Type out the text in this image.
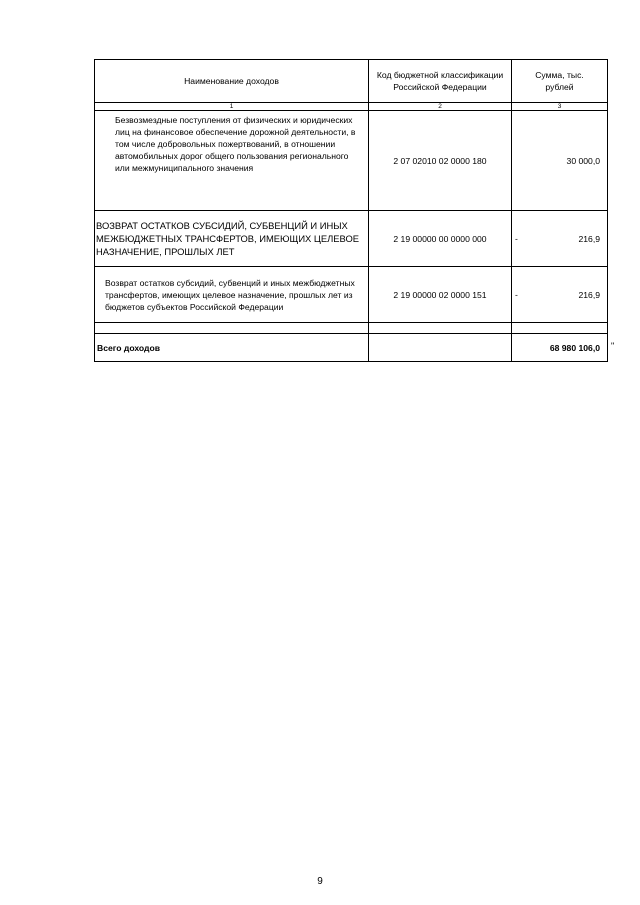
Наименование доходов	Код бюджетной классификации Российской Федерации	Сумма, тыс. рублей
1	2	3
Безвозмездные поступления от физических и юридических лиц на финансовое обеспечение дорожной деятельности, в том числе добровольных пожертвований, в отношении автомобильных дорог общего пользования регионального или межмуниципального значения	2 07 02010 02 0000 180	30 000,0
ВОЗВРАТ ОСТАТКОВ СУБСИДИЙ, СУБВЕНЦИЙ И ИНЫХ МЕЖБЮДЖЕТНЫХ ТРАНСФЕРТОВ, ИМЕЮЩИХ ЦЕЛЕВОЕ НАЗНАЧЕНИЕ, ПРОШЛЫХ ЛЕТ	2 19 00000 00 0000 000	- 216,9
Возврат остатков субсидий, субвенций и иных межбюджетных трансфертов, имеющих целевое назначение, прошлых лет из бюджетов субъектов Российской Федерации	2 19 00000 02 0000 151	- 216,9

Всего доходов		68 980 106,0 "
9
